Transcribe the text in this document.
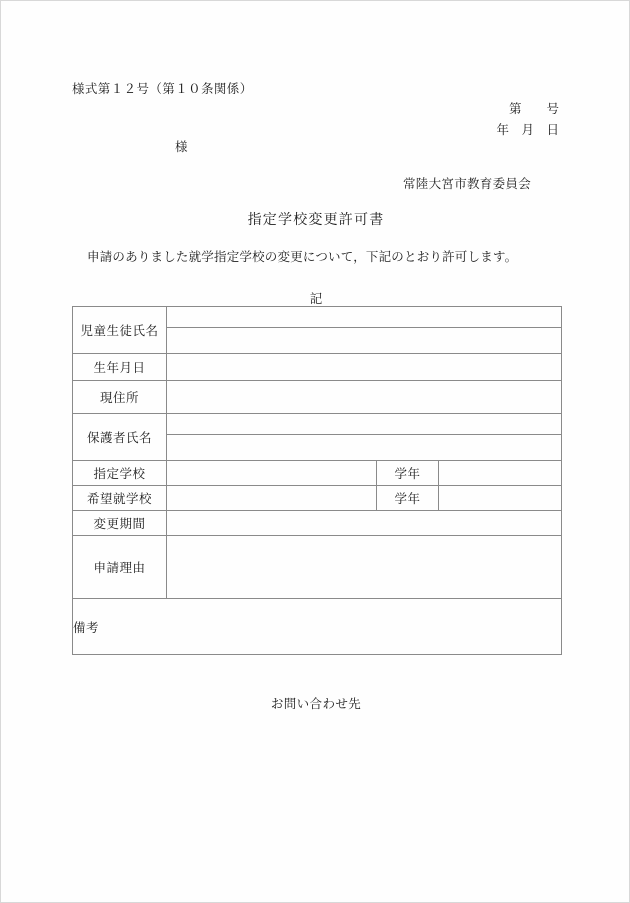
様式第１２号（第１０条関係）
第　　号
年　月　日
様
常陸大宮市教育委員会
指定学校変更許可書
申請のありました就学指定学校の変更について，下記のとおり許可します。
記
児童生徒氏名	

生年月日	
現住所	
保護者氏名	

指定学校		学年	
希望就学校		学年	
変更期間	
申請理由	
備考
お問い合わせ先
